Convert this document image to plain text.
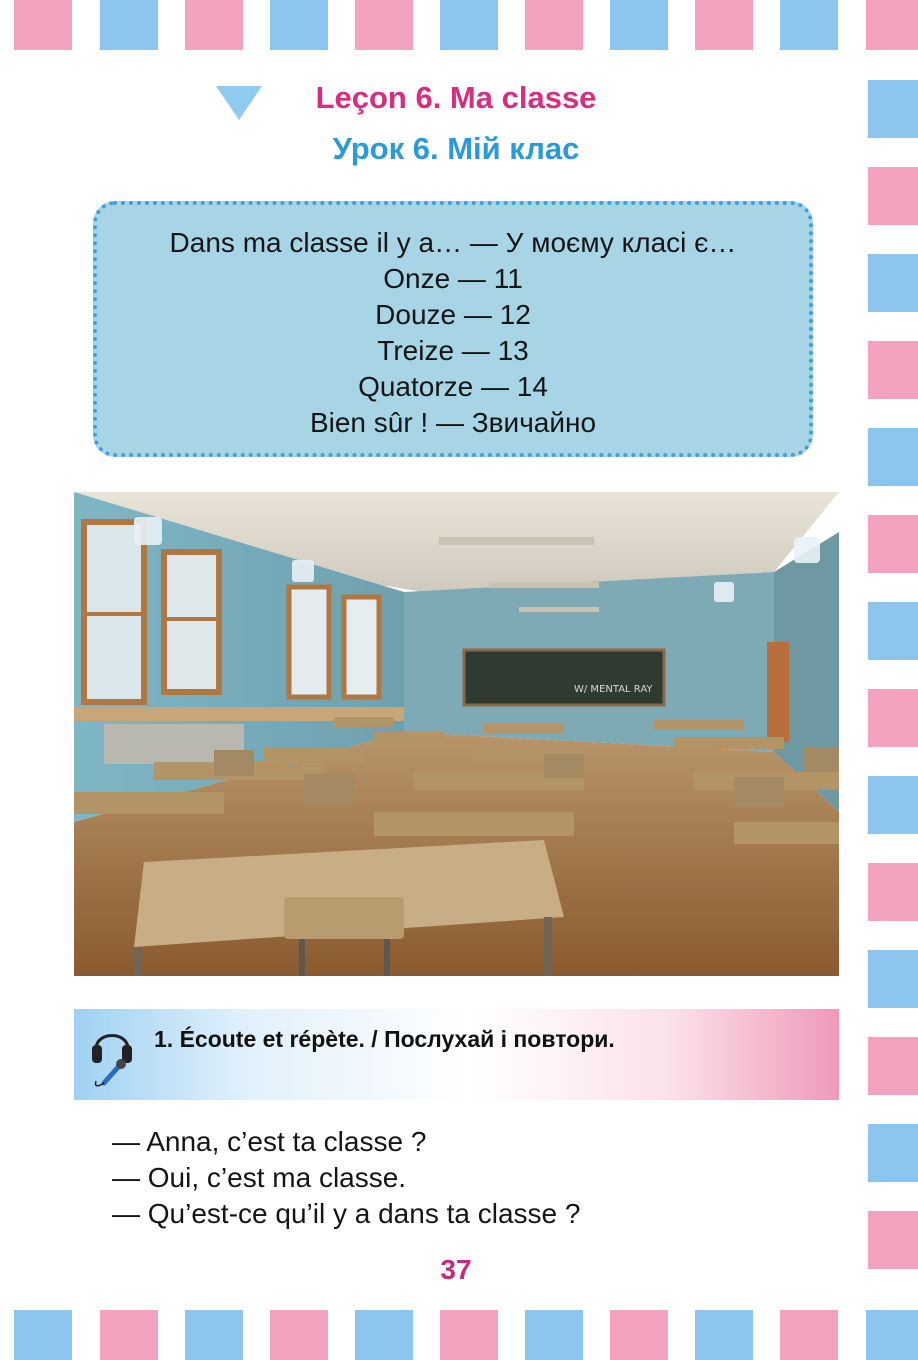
Leçon 6. Ma classe
Урок 6. Мій клас
Dans ma classe il y a… — У моєму класі є…
Onze — 11
Douze — 12
Treize — 13
Quatorze — 14
Bien sûr ! — Звичайно
W/ MENTAL RAY
1. Écoute et répète. / Послухай і повтори.
— Anna, c’est ta classe ?
— Oui, c’est ma classe.
— Qu’est-ce qu’il y a dans ta classe ?
37
